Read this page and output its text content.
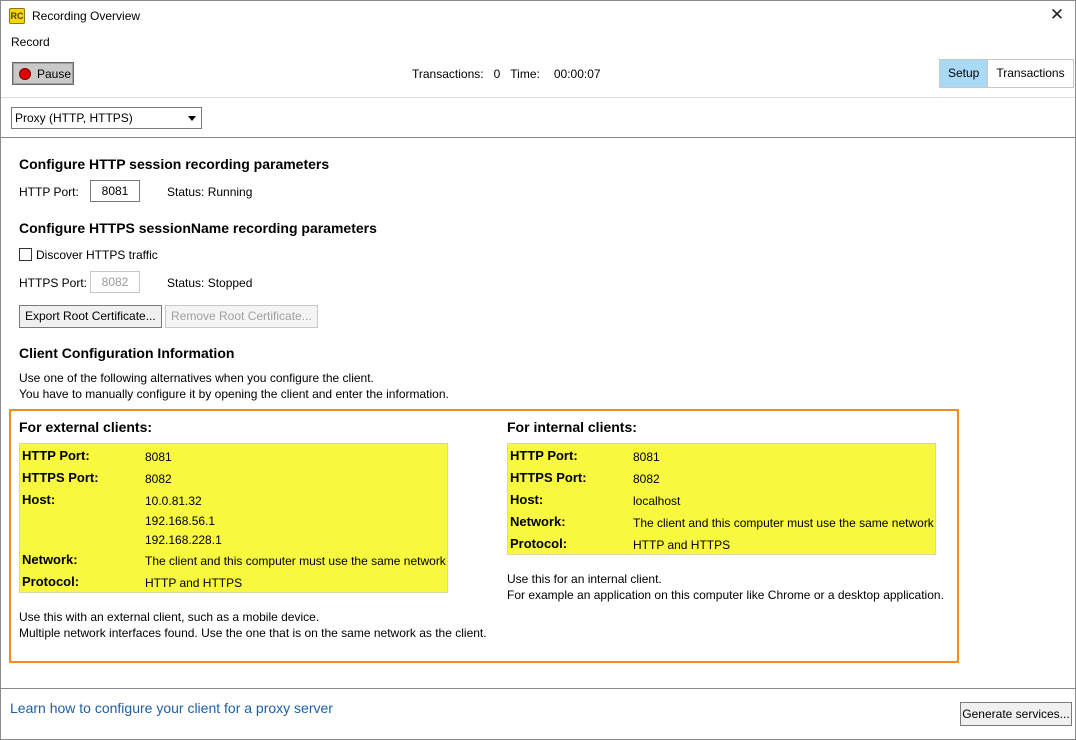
RC Recording Overview	✕
Record
Pause	Transactions: 0 Time: 00:00:07	Setup	Transactions
Proxy (HTTP, HTTPS)
Configure HTTP session recording parameters
HTTP Port:	8081	Status: Running
Configure HTTPS sessionName recording parameters
Discover HTTPS traffic
HTTPS Port:	8082	Status: Stopped
Export Root Certificate...	Remove Root Certificate...
Client Configuration Information
Use one of the following alternatives when you configure the client.
You have to manually configure it by opening the client and enter the information.
For external clients:
HTTP Port:	8081
HTTPS Port:	8082
Host:	10.0.81.32
192.168.56.1
192.168.228.1
Network:	The client and this computer must use the same network
Protocol:	HTTP and HTTPS
Use this with an external client, such as a mobile device.
Multiple network interfaces found. Use the one that is on the same network as the client.
For internal clients:
HTTP Port:	8081
HTTPS Port:	8082
Host:	localhost
Network:	The client and this computer must use the same network
Protocol:	HTTP and HTTPS
Use this for an internal client.
For example an application on this computer like Chrome or a desktop application.
Learn how to configure your client for a proxy server	Generate services...
